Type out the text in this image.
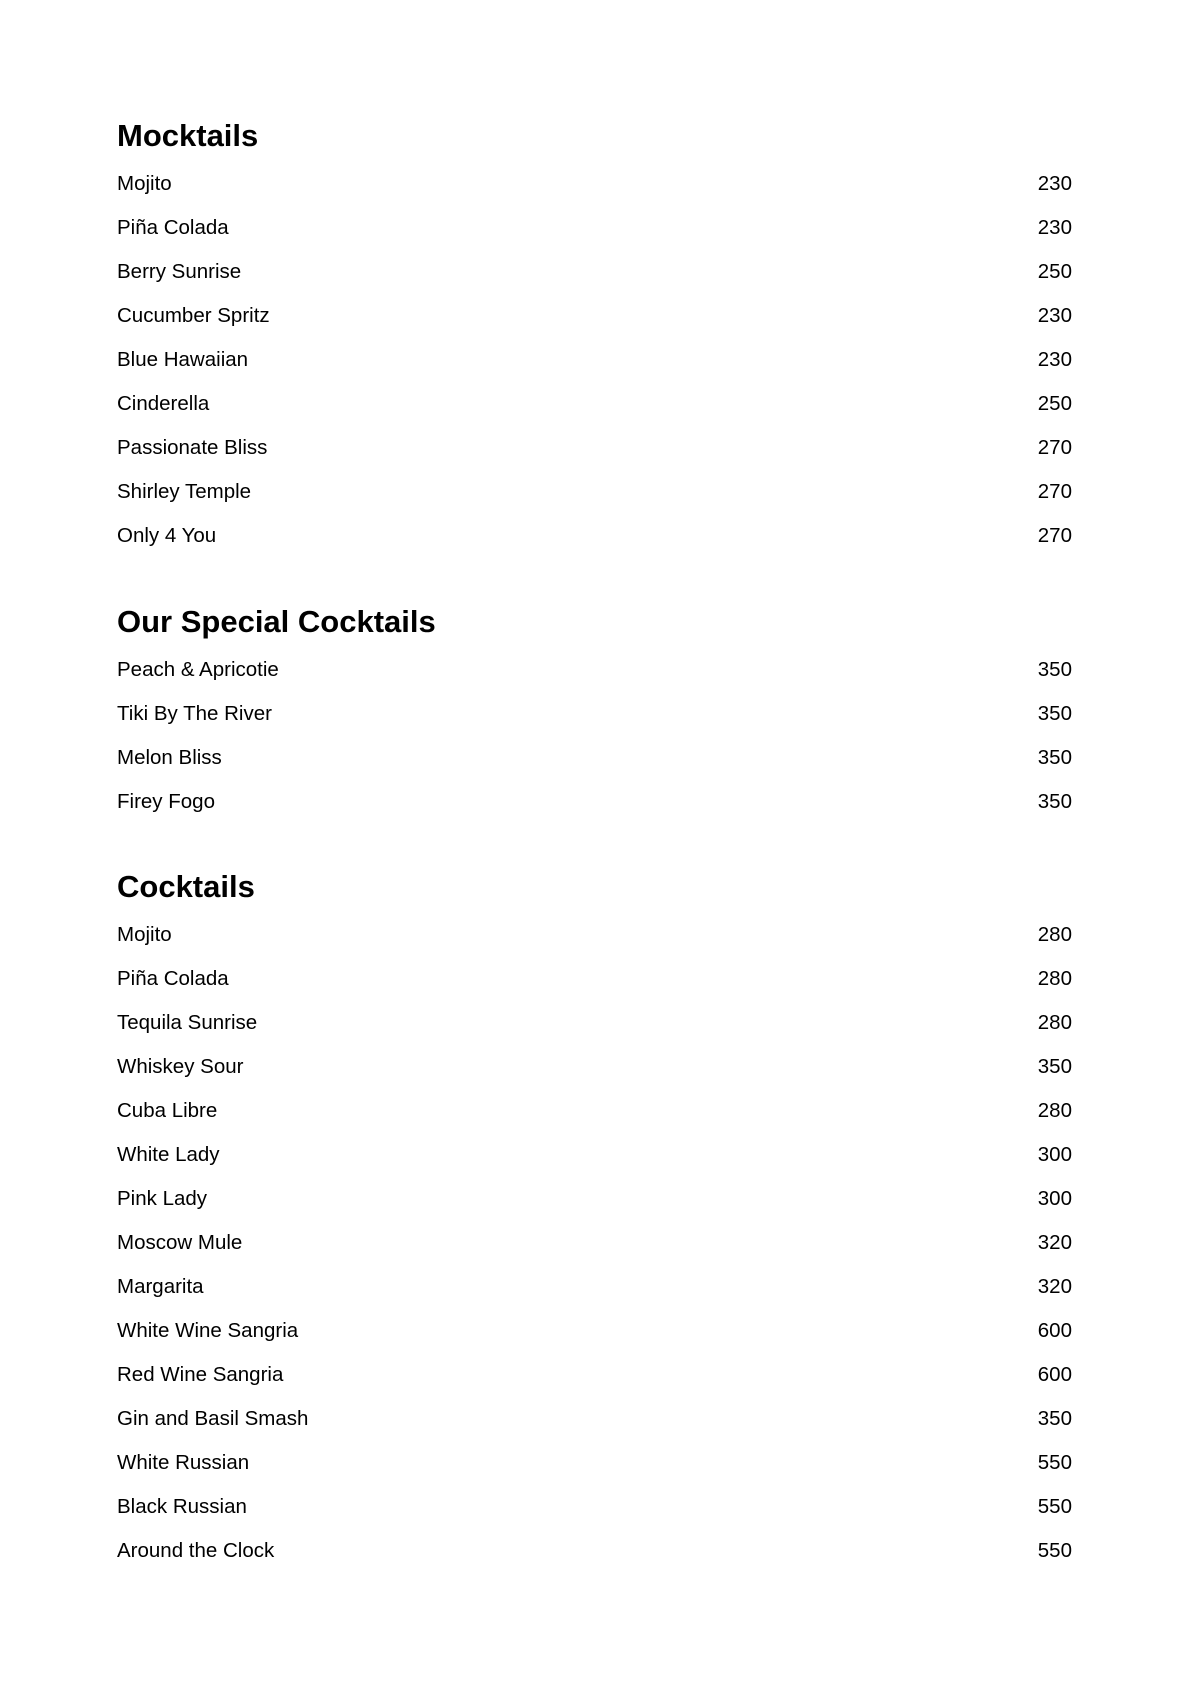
Mocktails
Mojito	230
Piña Colada	230
Berry Sunrise	250
Cucumber Spritz	230
Blue Hawaiian	230
Cinderella	250
Passionate Bliss	270
Shirley Temple	270
Only 4 You	270
Our Special Cocktails
Peach & Apricotie	350
Tiki By The River	350
Melon Bliss	350
Firey Fogo	350
Cocktails
Mojito	280
Piña Colada	280
Tequila Sunrise	280
Whiskey Sour	350
Cuba Libre	280
White Lady	300
Pink Lady	300
Moscow Mule	320
Margarita	320
White Wine Sangria	600
Red Wine Sangria	600
Gin and Basil Smash	350
White Russian	550
Black Russian	550
Around the Clock	550
